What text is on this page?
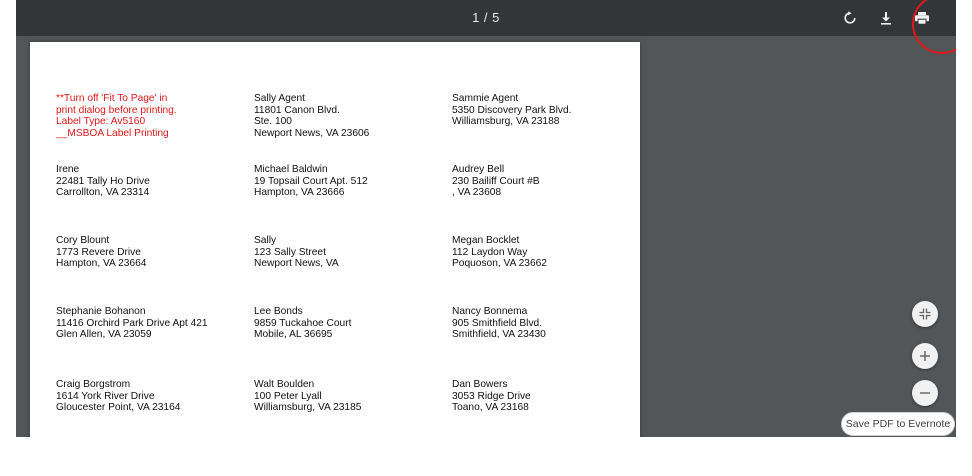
1 / 5
**Turn off 'Fit To Page' in
print dialog before printing.
Label Type: Av5160
__MSBOA Label Printing
Sally Agent
11801 Canon Blvd.
Ste. 100
Newport News, VA 23606
Sammie Agent
5350 Discovery Park Blvd.
Williamsburg, VA 23188
Irene
22481 Tally Ho Drive
Carrollton, VA 23314
Michael Baldwin
19 Topsail Court Apt. 512
Hampton, VA 23666
Audrey Bell
230 Bailiff Court #B
, VA 23608
Cory Blount
1773 Revere Drive
Hampton, VA 23664
Sally
123 Sally Street
Newport News, VA
Megan Bocklet
112 Laydon Way
Poquoson, VA 23662
Stephanie Bohanon
11416 Orchird Park Drive Apt 421
Glen Allen, VA 23059
Lee Bonds
9859 Tuckahoe Court
Mobile, AL 36695
Nancy Bonnema
905 Smithfield Blvd.
Smithfield, VA 23430
Craig Borgstrom
1614 York River Drive
Gloucester Point, VA 23164
Walt Boulden
100 Peter Lyall
Williamsburg, VA 23185
Dan Bowers
3053 Ridge Drive
Toano, VA 23168
Save PDF to Evernote
